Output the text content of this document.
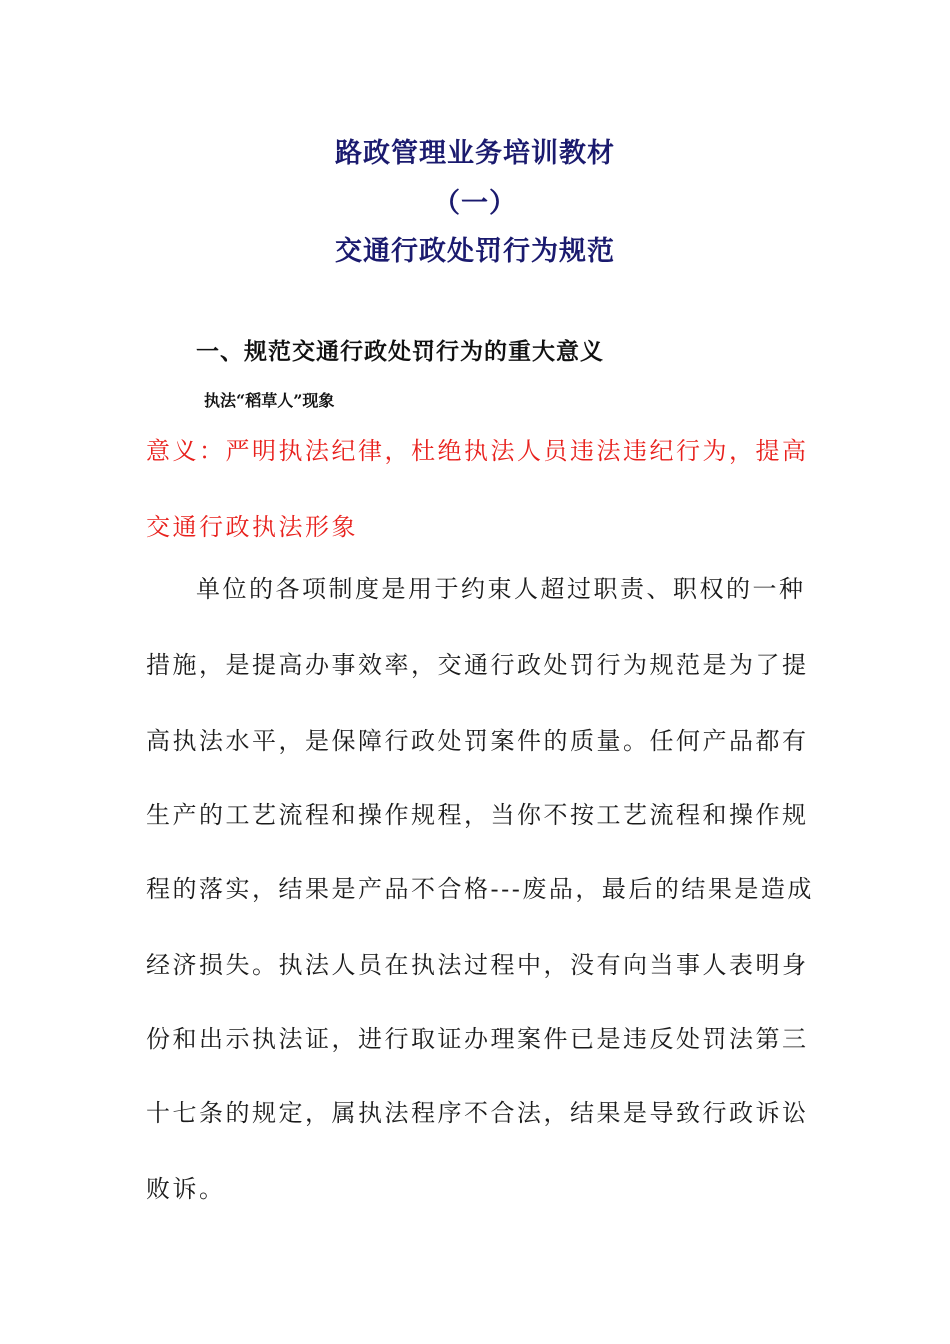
路政管理业务培训教材
（一）
交通行政处罚行为规范
一、规范交通行政处罚行为的重大意义
执法“稻草人”现象
意义：严明执法纪律，杜绝执法人员违法违纪行为，提高
交通行政执法形象
单位的各项制度是用于约束人超过职责、职权的一种
措施，是提高办事效率，交通行政处罚行为规范是为了提
高执法水平，是保障行政处罚案件的质量。任何产品都有
生产的工艺流程和操作规程，当你不按工艺流程和操作规
程的落实，结果是产品不合格---废品，最后的结果是造成
经济损失。执法人员在执法过程中，没有向当事人表明身
份和出示执法证，进行取证办理案件已是违反处罚法第三
十七条的规定，属执法程序不合法，结果是导致行政诉讼
败诉。
